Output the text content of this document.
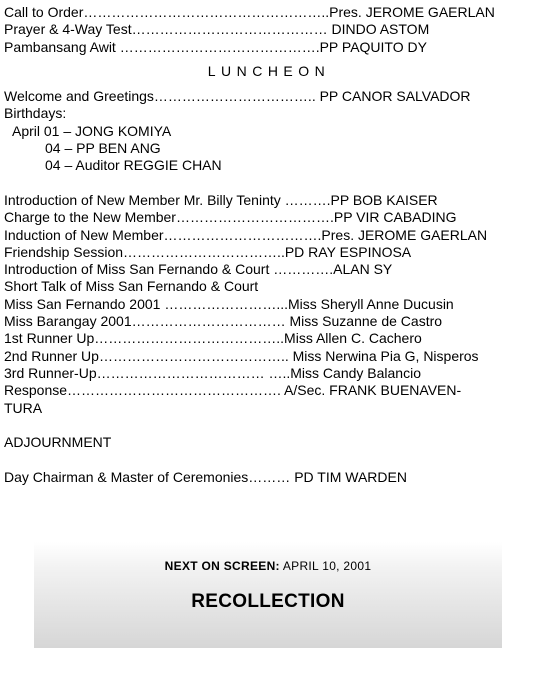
Call to Order……………………………………………..Pres. JEROME GAERLAN
Prayer & 4-Way Test…………………………………… DINDO ASTOM
Pambansang Awit …………………………………….PP PAQUITO DY
LUNCHEON
Welcome and Greetings…………………………….. PP CANOR SALVADOR
Birthdays:
April 01 – JONG KOMIYA
04 – PP BEN ANG
04 – Auditor REGGIE CHAN
Introduction of New Member Mr. Billy Teninty ……….PP BOB KAISER
Charge to the New Member…………………………….PP VIR CABADING
Induction of New Member…………………………….Pres. JEROME GAERLAN
Friendship Session……………………………..PD RAY ESPINOSA
Introduction of Miss San Fernando & Court ………….ALAN SY
Short Talk of Miss San Fernando & Court
Miss San Fernando 2001 ……………………...Miss Sheryll Anne Ducusin
Miss Barangay 2001…………………………… Miss Suzanne de Castro
1st Runner Up…………………………………..Miss Allen C. Cachero
2nd Runner Up………………………………….. Miss Nerwina Pia G, Nisperos
3rd Runner-Up……………………………… …..Miss Candy Balancio
Response………………………………………. A/Sec. FRANK BUENAVEN-
TURA
ADJOURNMENT
Day Chairman & Master of Ceremonies……… PD TIM WARDEN
NEXT ON SCREEN: APRIL 10, 2001
RECOLLECTION
